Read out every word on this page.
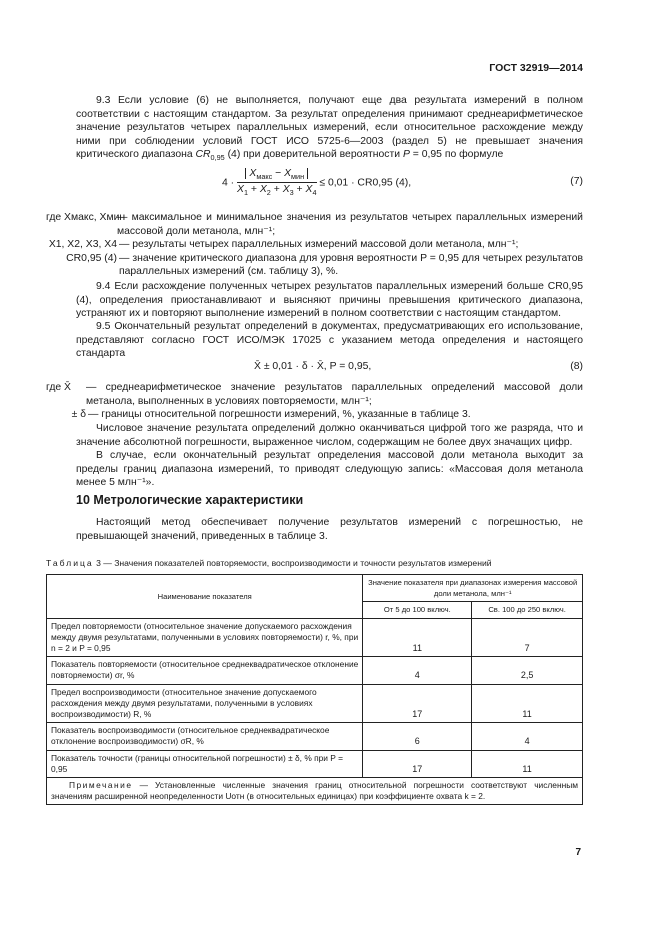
ГОСТ 32919—2014

9.3 Если условие (6) не выполняется, получают еще два результата измерений в полном соответствии с настоящим стандартом. За результат определения принимают среднеарифметическое значение результатов четырех параллельных измерений, если относительное расхождение между ними при соблюдении условий ГОСТ ИСО 5725-6—2003 (раздел 5) не превышает значения критического диапазона $CR_{0,95}$ (4) при доверительной вероятности P = 0,95 по формуле

$4 \cdot \frac{X_{макс} - X_{мин}}{X_1 + X_2 + X_3 + X_4} \le 0,01 \cdot CR0,95$ (4),	(7)
где Xмакс, Xмин
— максимальное и минимальное значения из результатов четырех параллельных измерений массовой доли метанола, млн⁻¹;
X1, X2, X3, X4 — результаты четырех параллельных измерений массовой доли метанола, млн⁻¹;
CR0,95 (4) — значение критического диапазона для уровня вероятности P = 0,95 для четырех результатов параллельных измерений (см. таблицу 3), %.

9.4 Если расхождение полученных четырех результатов параллельных измерений больше CR0,95 (4), определения приостанавливают и выясняют причины превышения критического диапазона, устраняют их и повторяют выполнение измерений в полном соответствии с настоящим стандартом.

9.5 Окончательный результат определений в документах, предусматривающих его использование, представляют согласно ГОСТ ИСО/МЭК 17025 с указанием метода определения и настоящего стандарта

X̄ ± 0,01 · δ · X̄, P = 0,95,	(8)
где X̄	— среднеарифметическое значение результатов параллельных определений массовой доли метанола, выполненных в условиях повторяемости, млн⁻¹;
± δ — границы относительной погрешности измерений, %, указанные в таблице 3.

Числовое значение результата определений должно оканчиваться цифрой того же разряда, что и значение абсолютной погрешности, выраженное числом, содержащим не более двух значащих цифр.

В случае, если окончательный результат определения массовой доли метанола выходит за пределы границ диапазона измерений, то приводят следующую запись: «Массовая доля метанола менее 5 млн⁻¹».

10 Метрологические характеристики

Настоящий метод обеспечивает получение результатов измерений с погрешностью, не превышающей значений, приведенных в таблице 3.

Таблица 3 — Значения показателей повторяемости, воспроизводимости и точности результатов измерений
Наименование показателя	Значение показателя при диапазонах измерения массовой доли метанола, млн⁻¹	
	От 5 до 100 включ.	Св. 100 до 250 включ.
Предел повторяемости (относительное значение допускаемого расхождения между двумя результатами, полученными в условиях повторяемости) r, %, при n = 2 и P = 0,95	11	7
Показатель повторяемости (относительное среднеквадратическое отклонение повторяемости) σr, %	4	2,5
Предел воспроизводимости (относительное значение допускаемого расхождения между двумя результатами, полученными в условиях воспроизводимости) R, %	17	11
Показатель воспроизводимости (относительное среднеквадратическое отклонение воспроизводимости) σR, %	6	4
Показатель точности (границы относительной погрешности) ± δ, % при P = 0,95	17	11
Примечание — Установленные численные значения границ относительной погрешности соответствуют численным значениям расширенной неопределенности Uотн (в относительных единицах) при коэффициенте охвата k = 2.		
7
